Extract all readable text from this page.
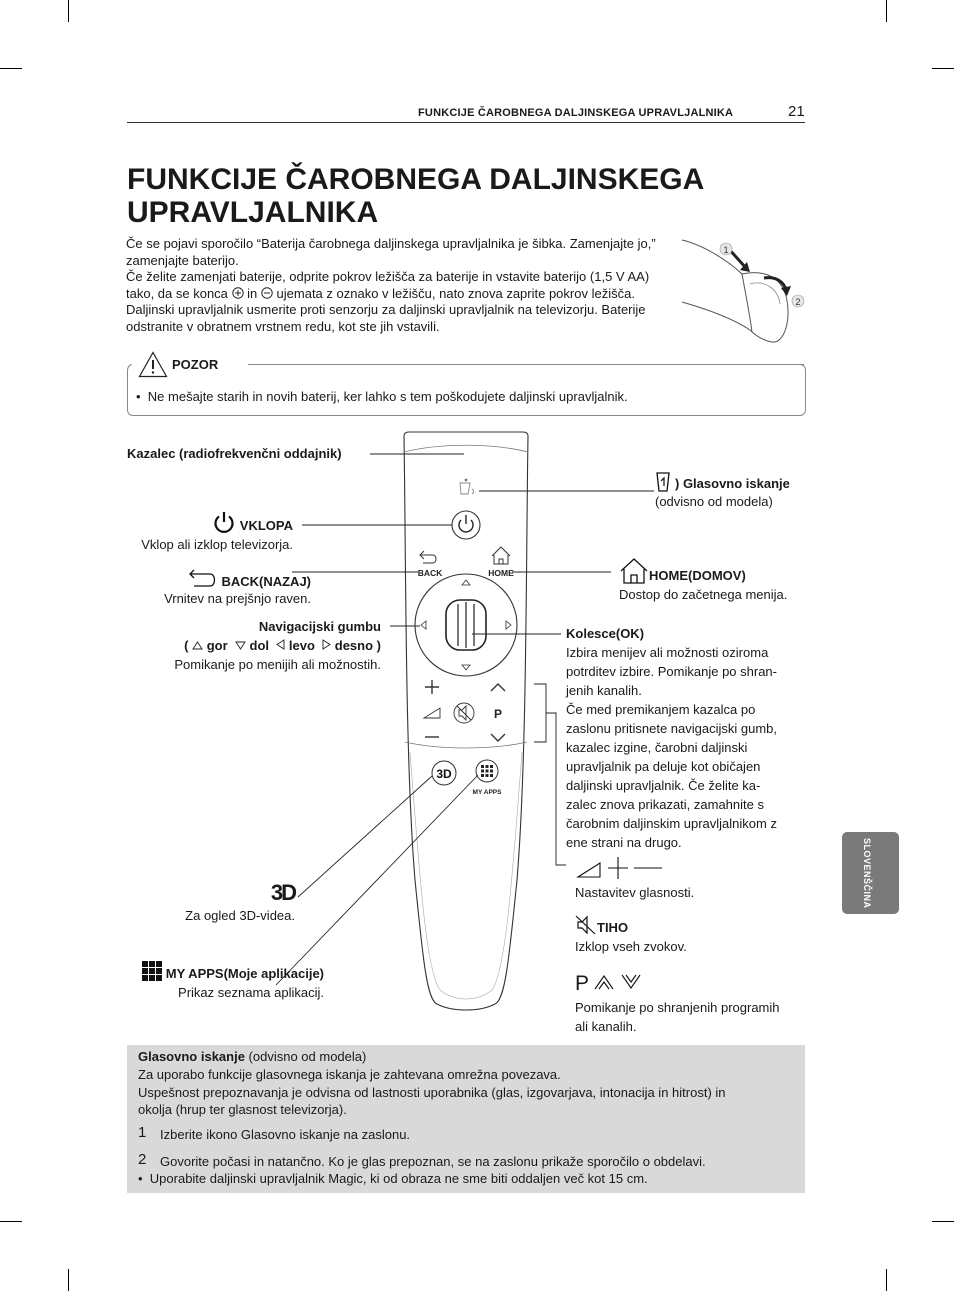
FUNKCIJE ČAROBNEGA DALJINSKEGA UPRAVLJALNIKA	21
FUNKCIJE ČAROBNEGA DALJINSKEGA
UPRAVLJALNIKA

Če se pojavi sporočilo “Baterija čarobnega daljinskega upravljalnika je šibka. Zamenjajte jo,” zamenjajte baterijo.

Če želite zamenjati baterije, odprite pokrov ležišča za baterije in vstavite baterijo (1,5 V AA) tako, da se konca in ujemata z oznako v ležišču, nato znova zaprite pokrov ležišča. Daljinski upravljalnik usmerite proti senzorju za daljinski upravljalnik na televizorju. Baterije odstranite v obratnem vrstnem redu, kot ste jih vstavili.

1
2
POZOR
•  Ne mešajte starih in novih baterij, ker lahko s tem poškodujete daljinski upravljalnik.
BACK	HOME
P
3D
MY APPS
Kazalec (radiofrekvenčni oddajnik)
VKLOPA
Vklop ali izklop televizorja.
BACK(NAZAJ)
Vrnitev na prejšnjo raven.
Navigacijski gumbu
( gor dol levo desno )
Pomikanje po menijih ali možnostih.
3D
Za ogled 3D-videa.
MY APPS(Moje aplikacije)
Prikaz seznama aplikacij.
) Glasovno iskanje
(odvisno od modela)
HOME(DOMOV)
Dostop do začetnega menija.
Kolesce(OK)
Izbira menijev ali možnosti oziroma
potrditev izbire. Pomikanje po shran-
jenih kanalih.
Če med premikanjem kazalca po
zaslonu pritisnete navigacijski gumb,
kazalec izgine, čarobni daljinski
upravljalnik pa deluje kot običajen
daljinski upravljalnik. Če želite ka-
zalec znova prikazati, zamahnite s
čarobnim daljinskim upravljalnikom z
ene strani na drugo.
Nastavitev glasnosti.
TIHO
Izklop vseh zvokov.
P
Pomikanje po shranjenih programih
ali kanalih.
SLOVENŠČINA
Glasovno iskanje (odvisno od modela)
Za uporabo funkcije glasovnega iskanja je zahtevana omrežna povezava.
Uspešnost prepoznavanja je odvisna od lastnosti uporabnika (glas, izgovarjava, intonacija in hitrost) in
okolja (hrup ter glasnost televizorja).
1 Izberite ikono Glasovno iskanje na zaslonu.
2 Govorite počasi in natančno. Ko je glas prepoznan, se na zaslonu prikaže sporočilo o obdelavi.
•  Uporabite daljinski upravljalnik Magic, ki od obraza ne sme biti oddaljen več kot 15 cm.
